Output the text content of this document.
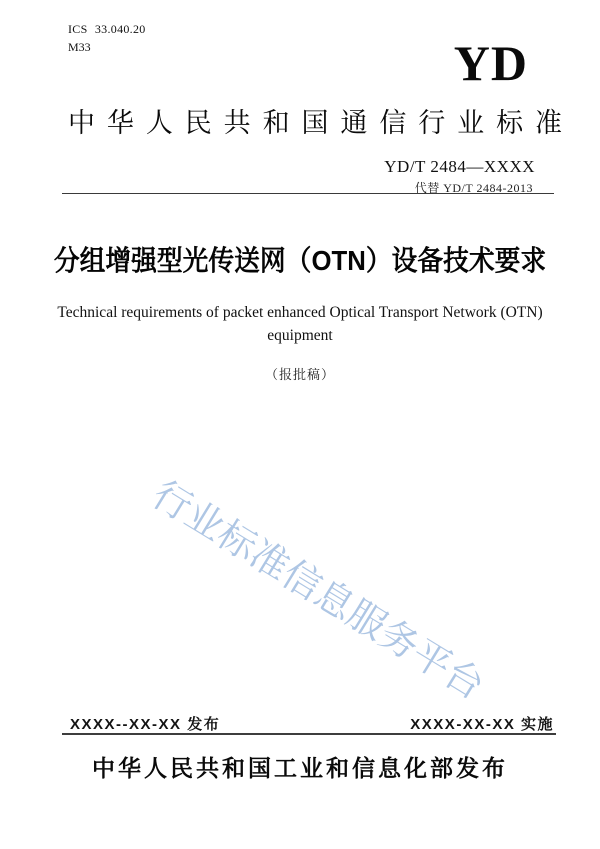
ICS 33.040.20
M33	YD
中华人民共和国通信行业标准
YD/T 2484—XXXX
代替 YD/T 2484-2013
分组增强型光传送网（OTN）设备技术要求
Technical requirements of packet enhanced Optical Transport Network (OTN)
equipment
（报批稿）
行业标准信息服务平台
XXXX--XX-XX 发布	XXXX-XX-XX 实施
中华人民共和国工业和信息化部发布
